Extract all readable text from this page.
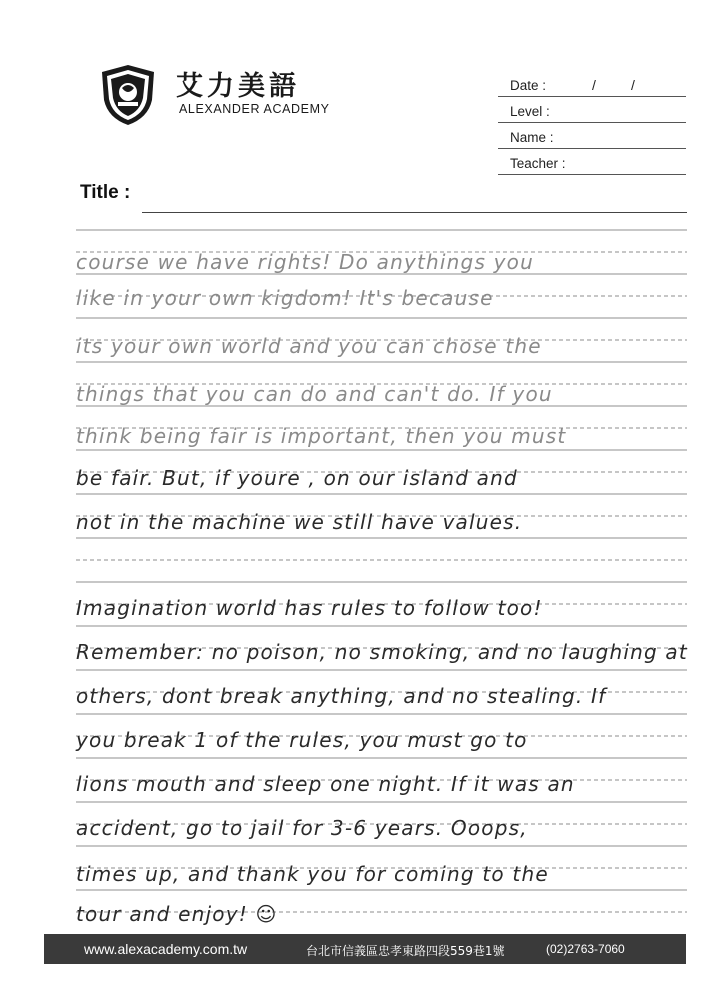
艾力美語
ALEXANDER ACADEMY
Date :	/	/
Level :
Name :
Teacher :
Title :
course we have rights! Do anythings you
like in your own kigdom! It's because
its your own world and you can chose the
things that you can do and can't do. If you
think being fair is important, then you must
be fair. But, if youre , on our island and
not in the machine we still have values.
Imagination world has rules to follow too!
Remember: no poison, no smoking, and no laughing at
others, dont break anything, and no stealing. If
you break 1 of the rules, you must go to
lions mouth and sleep one night. If it was an
accident, go to jail for 3-6 years. Ooops,
times up, and thank you for coming to the
tour and enjoy! ☺
www.alexacademy.com.tw	台北市信義區忠孝東路四段559巷1號	(02)2763-7060
